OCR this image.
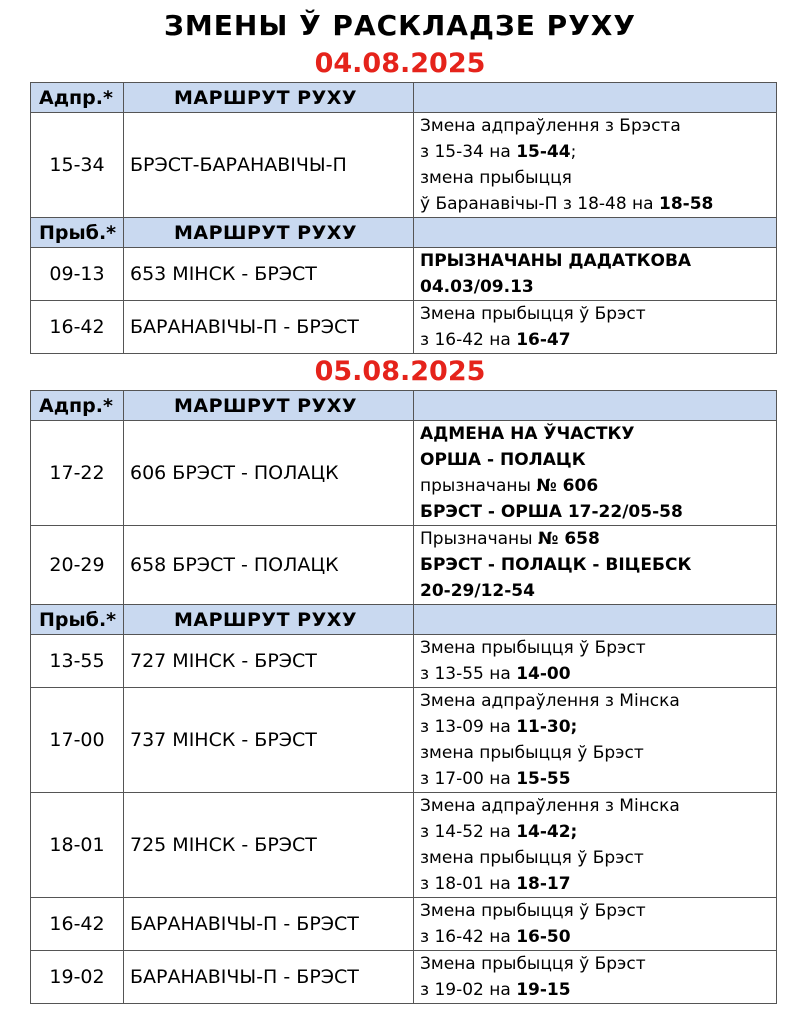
ЗМЕНЫ Ў РАСКЛАДЗЕ РУХУ
04.08.2025
Адпр.*	МАРШРУТ РУХУ	
15-34	БРЭСТ-БАРАНАВІЧЫ-П	Змена адпраўлення з Брэста
з 15-34 на 15-44;
змена прыбыцця
ў Баранавічы-П з 18-48 на 18-58

Прыб.*	МАРШРУТ РУХУ	
09-13	653 МІНСК - БРЭСТ	ПРЫЗНАЧАНЫ ДАДАТКОВА
04.03/09.13

16-42	БАРАНАВІЧЫ-П - БРЭСТ	Змена прыбыцця ў Брэст
з 16-42 на 16-47
05.08.2025
Адпр.*	МАРШРУТ РУХУ	
17-22	606 БРЭСТ - ПОЛАЦК	АДМЕНА НА ЎЧАСТКУ
ОРША - ПОЛАЦК
прызначаны № 606
БРЭСТ - ОРША 17-22/05-58

20-29	658 БРЭСТ - ПОЛАЦК	Прызначаны № 658
БРЭСТ - ПОЛАЦК - ВІЦЕБСК
20-29/12-54

Прыб.*	МАРШРУТ РУХУ	
13-55	727 МІНСК - БРЭСТ	Змена прыбыцця ў Брэст
з 13-55 на 14-00

17-00	737 МІНСК - БРЭСТ	Змена адпраўлення з Мінска
з 13-09 на 11-30;
змена прыбыцця ў Брэст
з 17-00 на 15-55

18-01	725 МІНСК - БРЭСТ	Змена адпраўлення з Мінска
з 14-52 на 14-42;
змена прыбыцця ў Брэст
з 18-01 на 18-17

16-42	БАРАНАВІЧЫ-П - БРЭСТ	Змена прыбыцця ў Брэст
з 16-42 на 16-50

19-02	БАРАНАВІЧЫ-П - БРЭСТ	Змена прыбыцця ў Брэст
з 19-02 на 19-15
